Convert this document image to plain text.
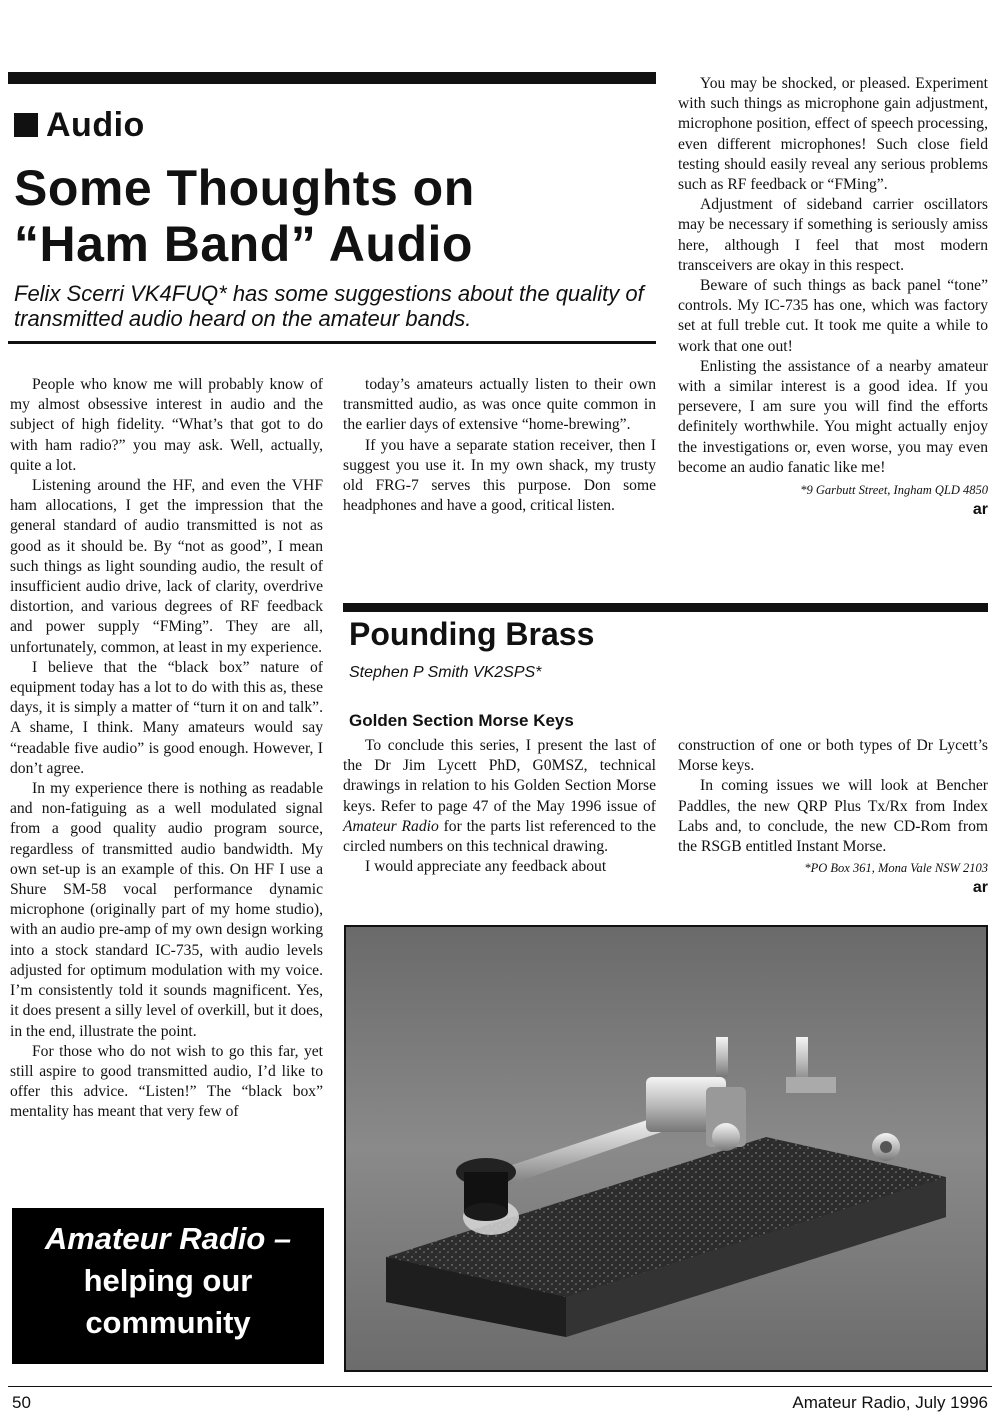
Audio
Some Thoughts on
“Ham Band” Audio
Felix Scerri VK4FUQ* has some suggestions about the quality of transmitted audio heard on the amateur bands.

People who know me will probably know of my almost obsessive interest in audio and the subject of high fidelity. “What’s that got to do with ham radio?” you may ask. Well, actually, quite a lot.

Listening around the HF, and even the VHF ham allocations, I get the impression that the general standard of audio transmitted is not as good as it should be. By “not as good”, I mean such things as light sounding audio, the result of insufficient audio drive, lack of clarity, overdrive distortion, and various degrees of RF feedback and power supply “FMing”. They are all, unfortunately, common, at least in my experience.

I believe that the “black box” nature of equipment today has a lot to do with this as, these days, it is simply a matter of “turn it on and talk”. A shame, I think. Many amateurs would say “readable five audio” is good enough. However, I don’t agree.

In my experience there is nothing as readable and non-fatiguing as a well modulated signal from a good quality audio program source, regardless of transmitted audio bandwidth. My own set-up is an example of this. On HF I use a Shure SM-58 vocal performance dynamic microphone (originally part of my home studio), with an audio pre-amp of my own design working into a stock standard IC-735, with audio levels adjusted for optimum modulation with my voice. I’m consistently told it sounds magnificent. Yes, it does present a silly level of overkill, but it does, in the end, illustrate the point.

For those who do not wish to go this far, yet still aspire to good transmitted audio, I’d like to offer this advice. “Listen!” The “black box” mentality has meant that very few of

today’s amateurs actually listen to their own transmitted audio, as was once quite common in the earlier days of extensive “home-brewing”.

If you have a separate station receiver, then I suggest you use it. In my own shack, my trusty old FRG-7 serves this purpose. Don some headphones and have a good, critical listen.

You may be shocked, or pleased. Experiment with such things as microphone gain adjustment, microphone position, effect of speech processing, even different microphones! Such close field testing should easily reveal any serious problems such as RF feedback or “FMing”.

Adjustment of sideband carrier oscillators may be necessary if something is seriously amiss here, although I feel that most modern transceivers are okay in this respect.

Beware of such things as back panel “tone” controls. My IC-735 has one, which was factory set at full treble cut. It took me quite a while to work that one out!

Enlisting the assistance of a nearby amateur with a similar interest is a good idea. If you persevere, I am sure you will find the efforts definitely worthwhile. You might actually enjoy the investigations or, even worse, you may even become an audio fanatic like me!

*9 Garbutt Street, Ingham QLD 4850
ar
Pounding Brass
Stephen P Smith VK2SPS*
Golden Section Morse Keys

To conclude this series, I present the last of the Dr Jim Lycett PhD, G0MSZ, technical drawings in relation to his Golden Section Morse keys. Refer to page 47 of the May 1996 issue of Amateur Radio for the parts list referenced to the circled numbers on this technical drawing.

I would appreciate any feedback about

construction of one or both types of Dr Lycett’s Morse keys.

In coming issues we will look at Bencher Paddles, the new QRP Plus Tx/Rx from Index Labs and, to conclude, the new CD-Rom from the RSGB entitled Instant Morse.

*PO Box 361, Mona Vale NSW 2103
ar
Amateur Radio –
helping our
community
50	Amateur Radio, July 1996
